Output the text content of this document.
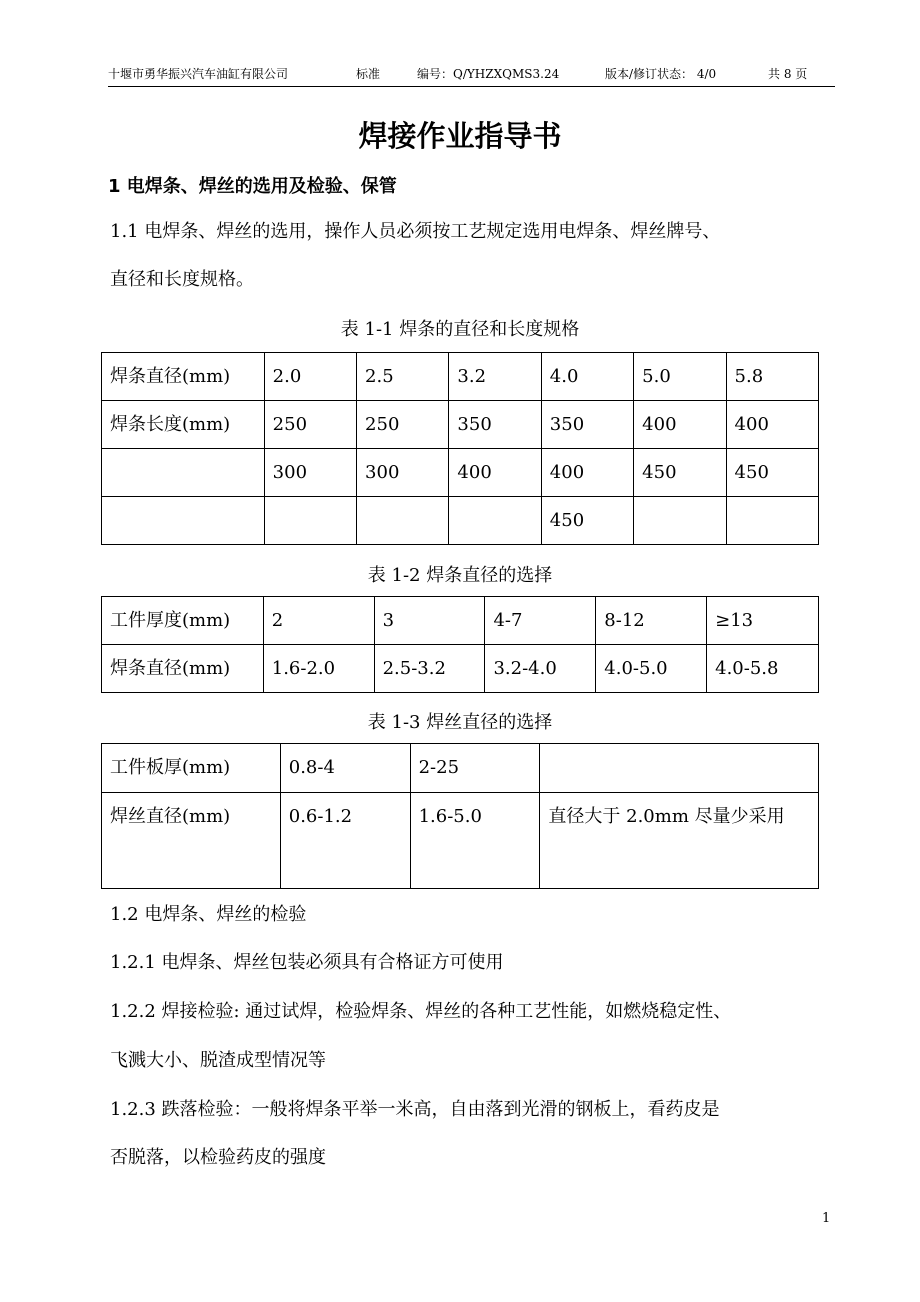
十堰市勇华振兴汽车油缸有限公司	标准	编号：Q/YHZXQMS3.24	版本/修订状态： 4/0	共 8 页
焊接作业指导书
1 电焊条、焊丝的选用及检验、保管

1.1 电焊条、焊丝的选用，操作人员必须按工艺规定选用电焊条、焊丝牌号、

直径和长度规格。

表 1-1 焊条的直径和长度规格
焊条直径(mm)	2.0	2.5	3.2	4.0	5.0	5.8
焊条长度(mm)	250	250	350	350	400	400
	300	300	400	400	450	450
				450		
表 1-2 焊条直径的选择
工件厚度(mm)	2	3	4-7	8-12	≥13
焊条直径(mm)	1.6-2.0	2.5-3.2	3.2-4.0	4.0-5.0	4.0-5.8
表 1-3 焊丝直径的选择
工件板厚(mm)	0.8-4	2-25	
焊丝直径(mm)	0.6-1.2	1.6-5.0	直径大于 2.0mm 尽量少采用

1.2 电焊条、焊丝的检验

1.2.1 电焊条、焊丝包装必须具有合格证方可使用

1.2.2 焊接检验: 通过试焊，检验焊条、焊丝的各种工艺性能，如燃烧稳定性、

飞溅大小、脱渣成型情况等

1.2.3 跌落检验：一般将焊条平举一米高，自由落到光滑的钢板上，看药皮是

否脱落，以检验药皮的强度

1
